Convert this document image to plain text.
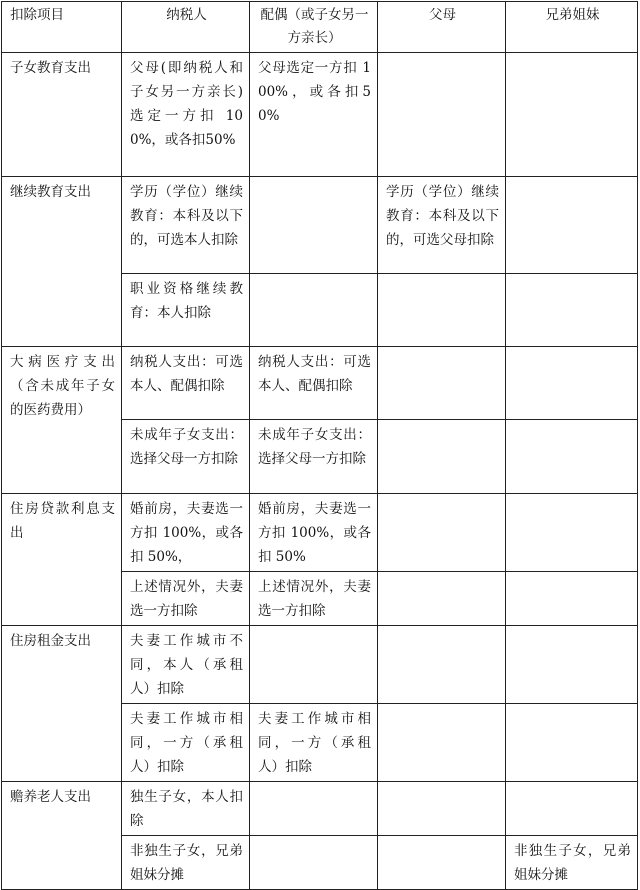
扣除项目	纳税人	配偶（或子女另一方亲长）	父母	兄弟姐妹
子女教育支出	父母(即纳税人和子女另一方亲长)选定一方扣 100%，或各扣50%	父母选定一方扣 100%，或各扣50%		
继续教育支出	学历（学位）继续教育：本科及以下的，可选本人扣除		学历（学位）继续教育：本科及以下的，可选父母扣除	
	职业资格继续教育：本人扣除			
大病医疗支出（含未成年子女的医药费用）	纳税人支出：可选本人、配偶扣除	纳税人支出：可选本人、配偶扣除		
	未成年子女支出：选择父母一方扣除	未成年子女支出：选择父母一方扣除		
住房贷款利息支出	婚前房，夫妻选一方扣 100%，或各扣 50%，	婚前房，夫妻选一方扣 100%，或各扣 50%		
	上述情况外，夫妻选一方扣除	上述情况外，夫妻选一方扣除		
住房租金支出	夫妻工作城市不同，本人（承租人）扣除			
	夫妻工作城市相同，一方（承租人）扣除	夫妻工作城市相同，一方（承租人）扣除		
赡养老人支出	独生子女，本人扣除			
	非独生子女，兄弟姐妹分摊			非独生子女，兄弟姐妹分摊
